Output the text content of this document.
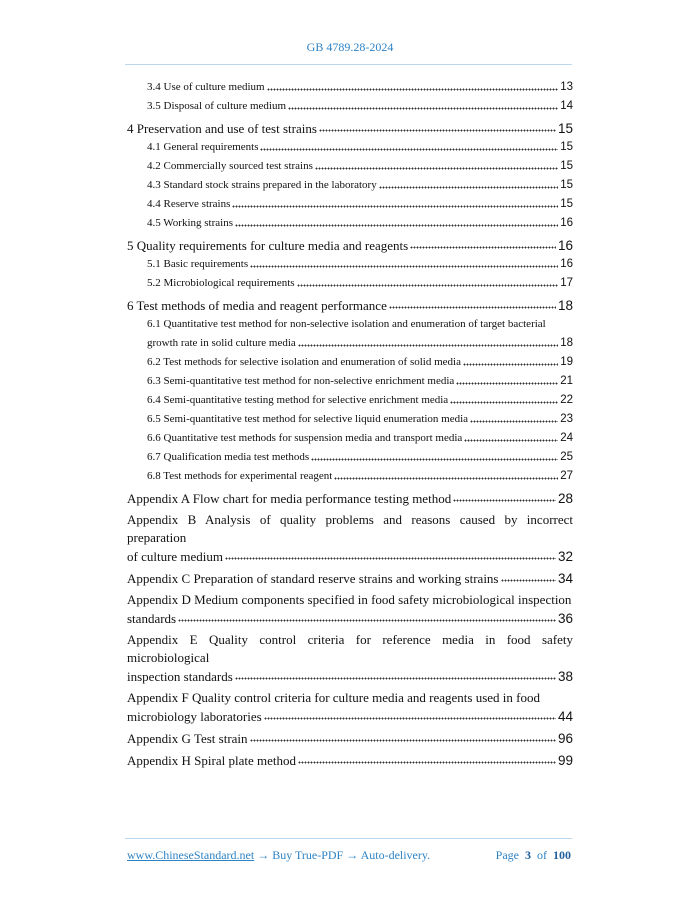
GB 4789.28-2024
3.4 Use of culture medium	13
3.5 Disposal of culture medium	14
4 Preservation and use of test strains	15
4.1 General requirements	15
4.2 Commercially sourced test strains	15
4.3 Standard stock strains prepared in the laboratory	15
4.4 Reserve strains	15
4.5 Working strains	16
5 Quality requirements for culture media and reagents	16
5.1 Basic requirements	16
5.2 Microbiological requirements	17
6 Test methods of media and reagent performance	18
6.1 Quantitative test method for non-selective isolation and enumeration of target bacterial
growth rate in solid culture media	18
6.2 Test methods for selective isolation and enumeration of solid media	19
6.3 Semi-quantitative test method for non-selective enrichment media	21
6.4 Semi-quantitative testing method for selective enrichment media	22
6.5 Semi-quantitative test method for selective liquid enumeration media	23
6.6 Quantitative test methods for suspension media and transport media	24
6.7 Qualification media test methods	25
6.8 Test methods for experimental reagent	27
Appendix A Flow chart for media performance testing method	28
Appendix B Analysis of quality problems and reasons caused by incorrect preparation
of culture medium	32
Appendix C Preparation of standard reserve strains and working strains	34
Appendix D Medium components specified in food safety microbiological inspection
standards	36
Appendix E Quality control criteria for reference media in food safety microbiological
inspection standards	38
Appendix F Quality control criteria for culture media and reagents used in food
microbiology laboratories	44
Appendix G Test strain	96
Appendix H Spiral plate method	99
www.ChineseStandard.net → Buy True-PDF → Auto-delivery.	Page 3 of 100
